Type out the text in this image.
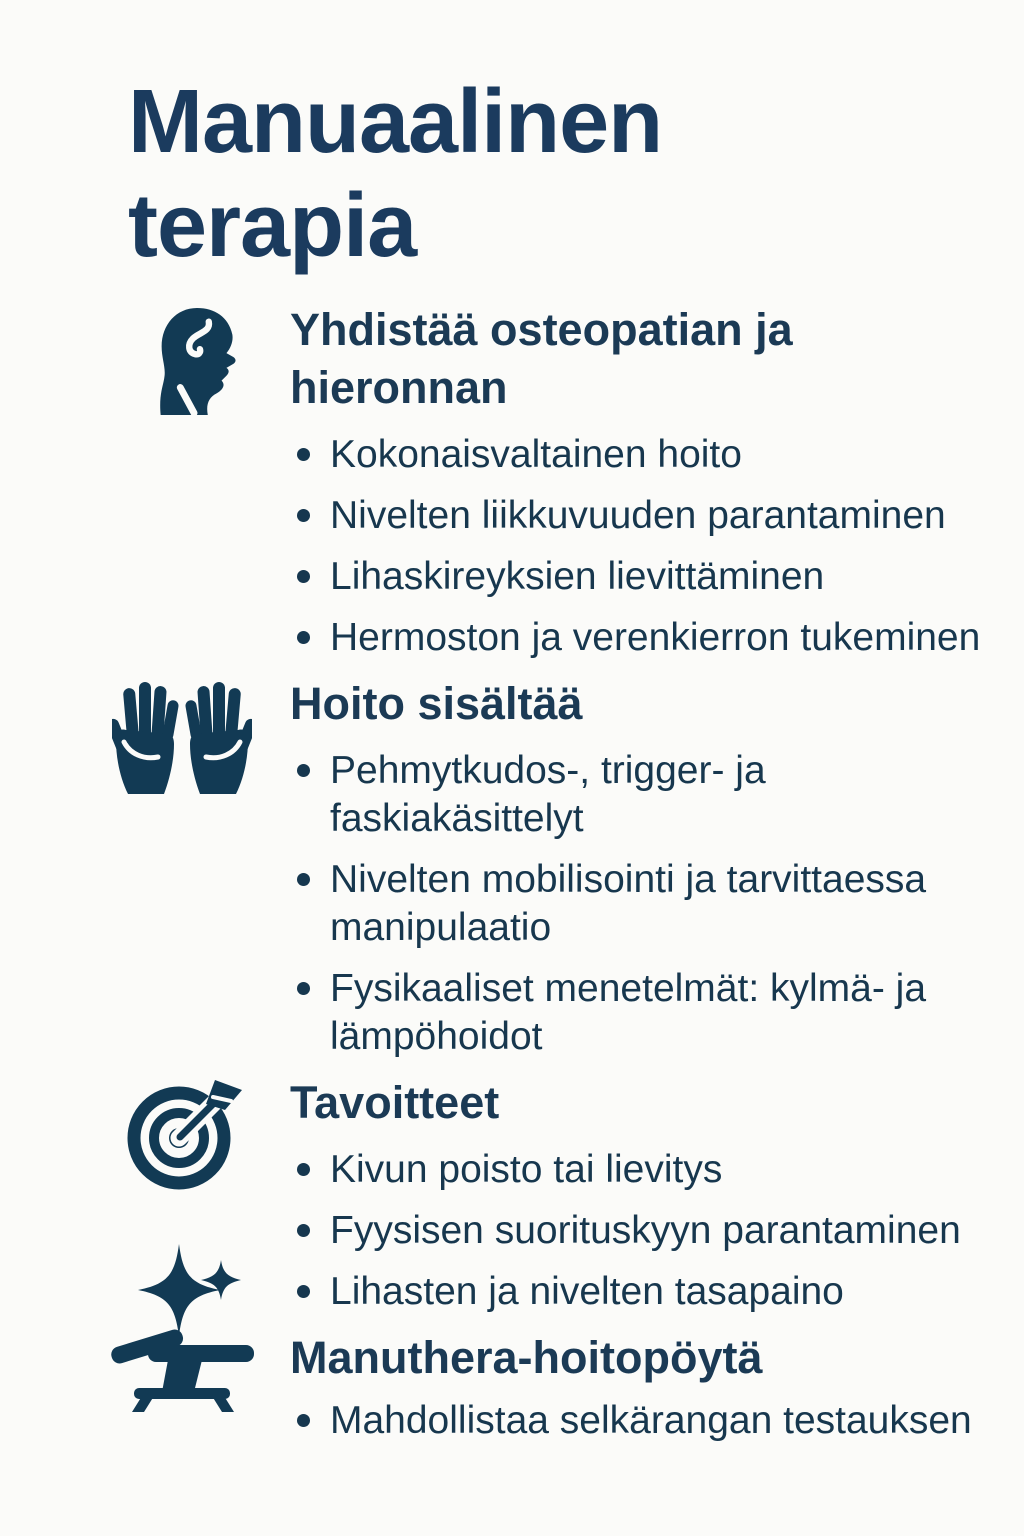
Manuaalinen terapia
Yhdistää osteopatian ja hieronnan
Kokonaisvaltainen hoito
Nivelten liikkuvuuden parantaminen
Lihaskireyksien lievittäminen
Hermoston ja verenkierron tukeminen
Hoito sisältää
Pehmytkudos-, trigger- ja faskiakäsittelyt
Nivelten mobilisointi ja tarvittaessa manipulaatio
Fysikaaliset menetelmät: kylmä- ja lämpöhoidot
Tavoitteet
Kivun poisto tai lievitys
Fyysisen suorituskyyn parantaminen
Lihasten ja nivelten tasapaino
Manuthera-hoitopöytä
Mahdollistaa selkärangan testauksen
